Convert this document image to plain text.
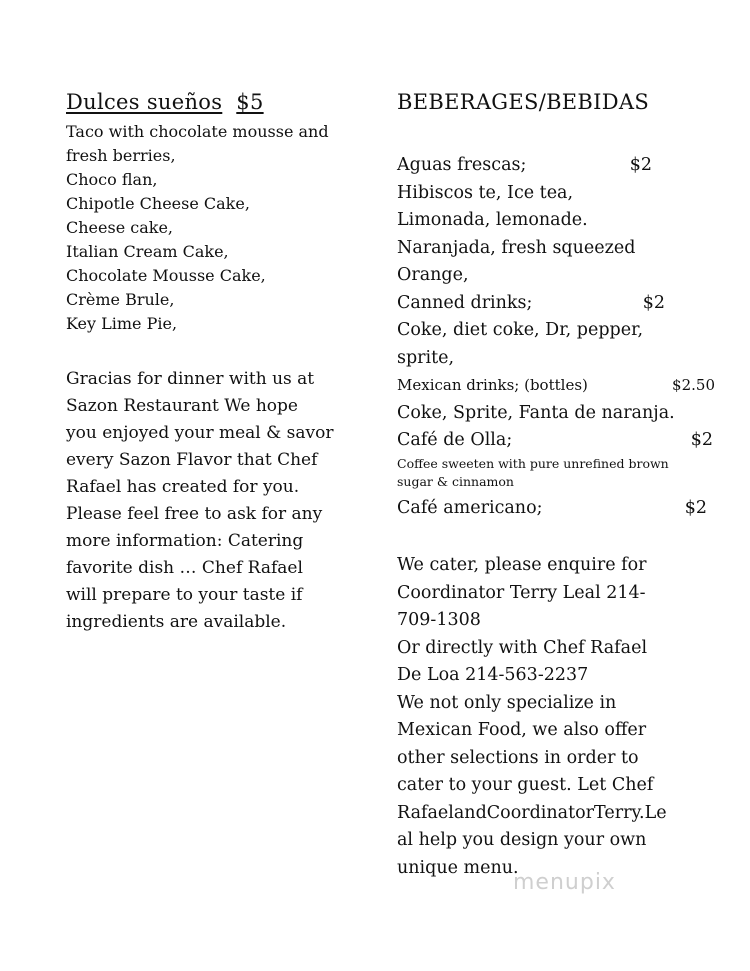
Dulces sueños $5
Taco with chocolate mousse and
fresh berries,
Choco flan,
Chipotle Cheese Cake,
Cheese cake,
Italian Cream Cake,
Chocolate Mousse Cake,
Crème Brule,
Key Lime Pie,
Gracias for dinner with us at
Sazon Restaurant We hope
you enjoyed your meal & savor
every Sazon Flavor that Chef
Rafael has created for you.
Please feel free to ask for any
more information: Catering
favorite dish … Chef Rafael
will prepare to your taste if
ingredients are available.
BEBERAGES/BEBIDAS
Aguas frescas;	$2
Hibiscos te, Ice tea,
Limonada, lemonade.
Naranjada, fresh squeezed
Orange,
Canned drinks;	$2
Coke, diet coke, Dr, pepper,
sprite,
Mexican drinks; (bottles)	$2.50
Coke, Sprite, Fanta de naranja.
Café de Olla;	$2
Coffee sweeten with pure unrefined brown
sugar & cinnamon
Café americano;	$2
We cater, please enquire for
Coordinator Terry Leal 214-
709-1308
Or directly with Chef Rafael
De Loa 214-563-2237
We not only specialize in
Mexican Food, we also offer
other selections in order to
cater to your guest. Let Chef
RafaelandCoordinatorTerry.Le
al help you design your own
unique menu.
menupix
